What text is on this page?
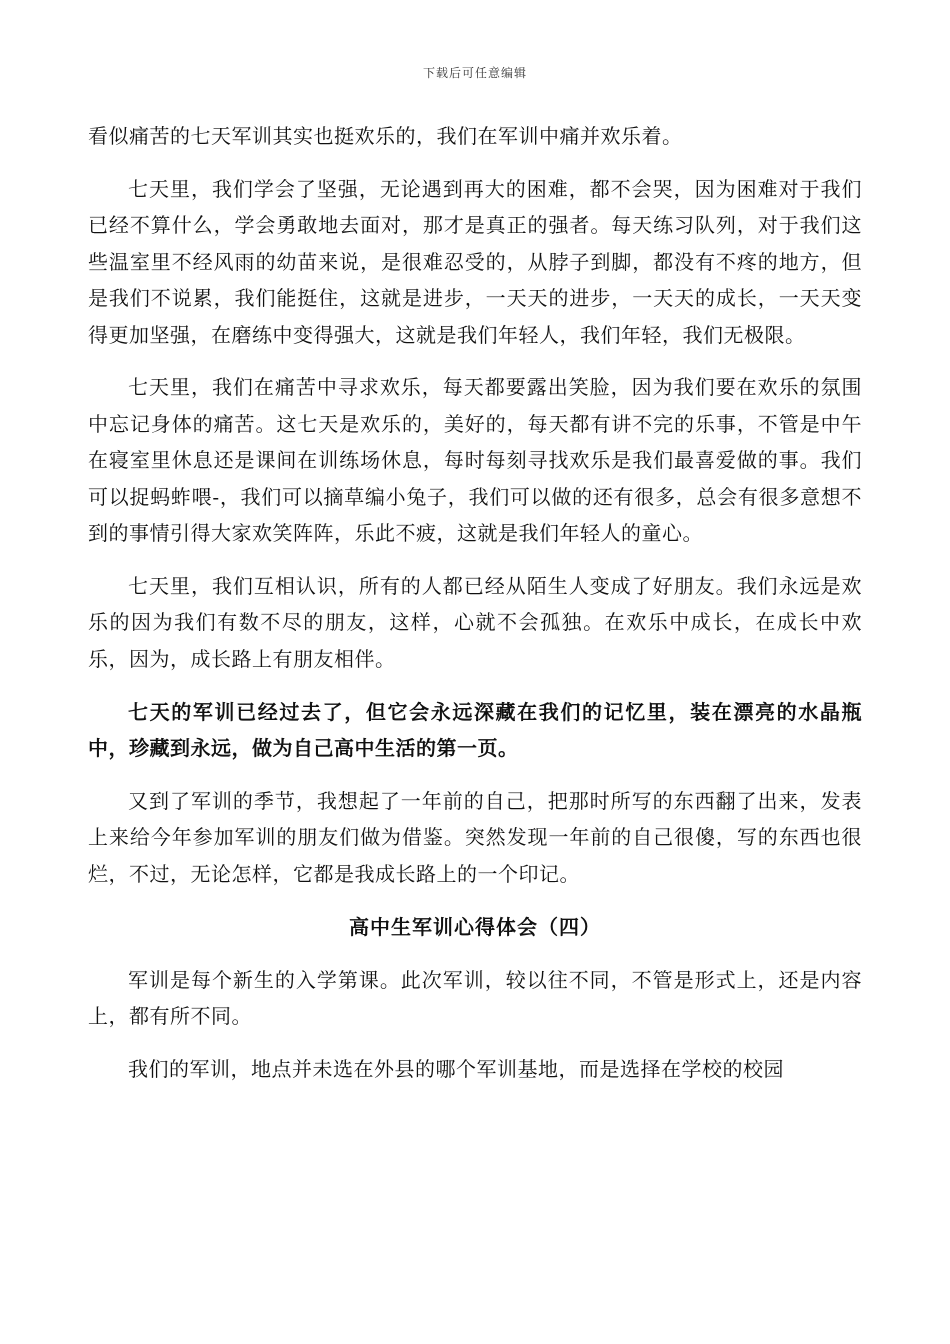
下载后可任意编辑

看似痛苦的七天军训其实也挺欢乐的，我们在军训中痛并欢乐着。

七天里，我们学会了坚强，无论遇到再大的困难，都不会哭，因为困难对于我们已经不算什么，学会勇敢地去面对，那才是真正的强者。每天练习队列，对于我们这些温室里不经风雨的幼苗来说，是很难忍受的，从脖子到脚，都没有不疼的地方，但是我们不说累，我们能挺住，这就是进步，一天天的进步，一天天的成长，一天天变得更加坚强，在磨练中变得强大，这就是我们年轻人，我们年轻，我们无极限。

七天里，我们在痛苦中寻求欢乐，每天都要露出笑脸，因为我们要在欢乐的氛围中忘记身体的痛苦。这七天是欢乐的，美好的，每天都有讲不完的乐事，不管是中午在寝室里休息还是课间在训练场休息，每时每刻寻找欢乐是我们最喜爱做的事。我们可以捉蚂蚱喂-，我们可以摘草编小兔子，我们可以做的还有很多，总会有很多意想不到的事情引得大家欢笑阵阵，乐此不疲，这就是我们年轻人的童心。

七天里，我们互相认识，所有的人都已经从陌生人变成了好朋友。我们永远是欢乐的因为我们有数不尽的朋友，这样，心就不会孤独。在欢乐中成长，在成长中欢乐，因为，成长路上有朋友相伴。

七天的军训已经过去了，但它会永远深藏在我们的记忆里，装在漂亮的水晶瓶中，珍藏到永远，做为自己高中生活的第一页。

又到了军训的季节，我想起了一年前的自己，把那时所写的东西翻了出来，发表上来给今年参加军训的朋友们做为借鉴。突然发现一年前的自己很傻，写的东西也很烂，不过，无论怎样，它都是我成长路上的一个印记。

高中生军训心得体会（四）

军训是每个新生的入学第课。此次军训，较以往不同，不管是形式上，还是内容上，都有所不同。

我们的军训，地点并未选在外县的哪个军训基地，而是选择在学校的校园
